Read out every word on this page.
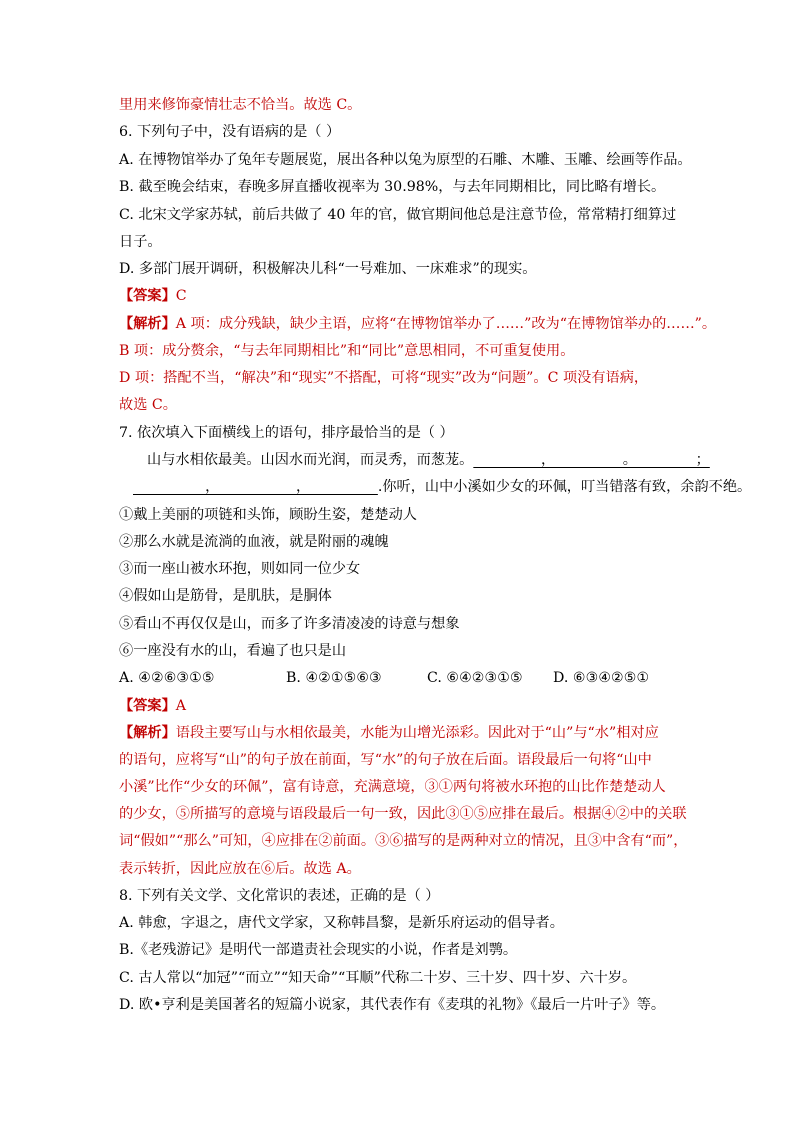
里用来修饰豪情壮志不恰当。故选 C。
6. 下列句子中，没有语病的是（ ）
A. 在博物馆举办了兔年专题展览，展出各种以兔为原型的石雕、木雕、玉雕、绘画等作品。
B. 截至晚会结束，春晚多屏直播收视率为 30.98%，与去年同期相比，同比略有增长。
C. 北宋文学家苏轼，前后共做了 40 年的官，做官期间他总是注意节俭，常常精打细算过
日子。
D. 多部门展开调研，积极解决儿科“一号难加、一床难求”的现实。
【答案】C
【解析】A 项：成分残缺，缺少主语，应将“在博物馆举办了……”改为“在博物馆举办的……”。
B 项：成分赘余，“与去年同期相比”和“同比”意思相同，不可重复使用。
D 项：搭配不当，“解决”和“现实”不搭配，可将“现实”改为“问题”。C 项没有语病，
故选 C。
7. 依次填入下面横线上的语句，排序最恰当的是（ ）
山与水相依最美。山因水而光润，而灵秀，而葱茏。               ，               。             ；
，                 ，               .你听，山中小溪如少女的环佩，叮当错落有致，余韵不绝。
①戴上美丽的项链和头饰，顾盼生姿，楚楚动人
②那么水就是流淌的血液，就是附丽的魂魄
③而一座山被水环抱，则如同一位少女
④假如山是筋骨，是肌肤，是胴体
⑤看山不再仅仅是山，而多了许多清凌凌的诗意与想象
⑥一座没有水的山，看遍了也只是山
A. ④②⑥③①⑤	B. ④②①⑤⑥③	C. ⑥④②③①⑤ D. ⑥③④②⑤①
【答案】A
【解析】语段主要写山与水相依最美，水能为山增光添彩。因此对于“山”与“水”相对应
的语句，应将写“山”的句子放在前面，写“水”的句子放在后面。语段最后一句将“山中
小溪”比作“少女的环佩”，富有诗意，充满意境，③①两句将被水环抱的山比作楚楚动人
的少女，⑤所描写的意境与语段最后一句一致，因此③①⑤应排在最后。根据④②中的关联
词“假如”“那么”可知，④应排在②前面。③⑥描写的是两种对立的情况，且③中含有“而”，
表示转折，因此应放在⑥后。故选 A。
8. 下列有关文学、文化常识的表述，正确的是（ ）
A. 韩愈，字退之，唐代文学家，又称韩昌黎，是新乐府运动的倡导者。
B.《老残游记》是明代一部遣责社会现实的小说，作者是刘鹗。
C. 古人常以“加冠”“而立”“知天命”“耳顺”代称二十岁、三十岁、四十岁、六十岁。
D. 欧•亨利是美国著名的短篇小说家，其代表作有《麦琪的礼物》《最后一片叶子》等。
